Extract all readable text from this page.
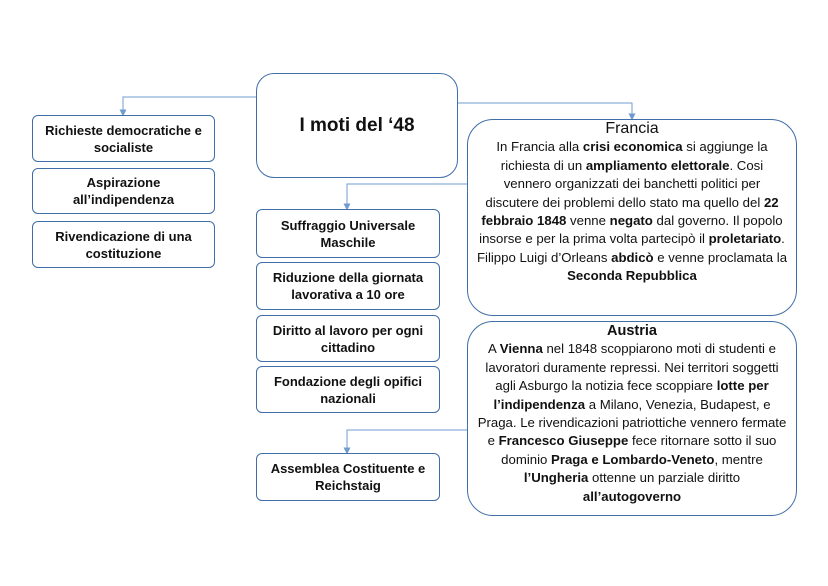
I moti del ‘48
Richieste democratiche e socialiste
Aspirazione all’indipendenza
Rivendicazione di una costituzione
Suffraggio Universale Maschile
Riduzione della giornata lavorativa a 10 ore
Diritto al lavoro per ogni cittadino
Fondazione degli opifici nazionali
Assemblea Costituente e Reichstaig
Francia

In Francia alla crisi economica si aggiunge la richiesta di un ampliamento elettorale. Cosi vennero organizzati dei banchetti politici per discutere dei problemi dello stato ma quello del 22 febbraio 1848 venne negato dal governo. Il popolo insorse e per la prima volta partecipò il proletariato. Filippo Luigi d’Orleans abdicò e venne proclamata la Seconda Repubblica

Austria

A Vienna nel 1848 scoppiarono moti di studenti e lavoratori duramente repressi. Nei territori soggetti agli Asburgo la notizia fece scoppiare lotte per l’indipendenza a Milano, Venezia, Budapest, e Praga. Le rivendicazioni patriottiche vennero fermate e Francesco Giuseppe fece ritornare sotto il suo dominio Praga e Lombardo-Veneto, mentre l’Ungheria ottenne un parziale diritto all’autogoverno
